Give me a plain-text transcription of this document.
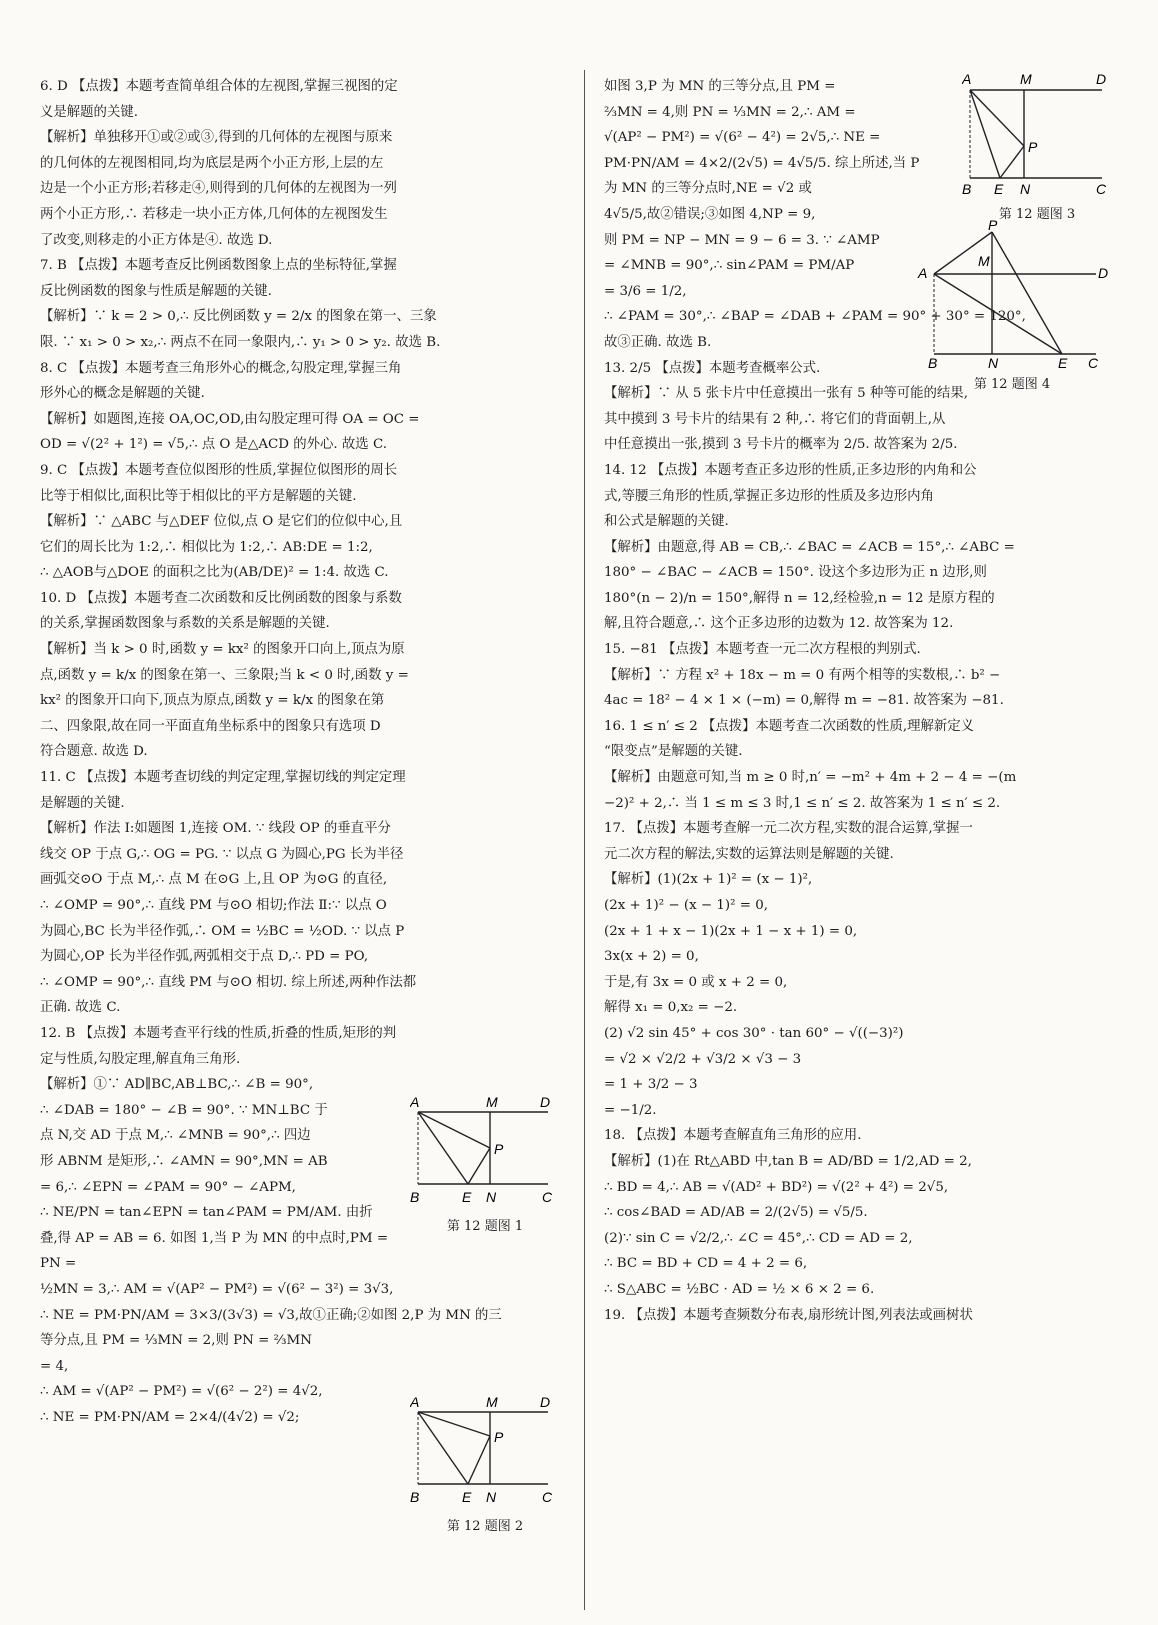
6. D 【点拨】本题考查简单组合体的左视图,掌握三视图的定
义是解题的关键.
【解析】单独移开①或②或③,得到的几何体的左视图与原来
的几何体的左视图相同,均为底层是两个小正方形,上层的左
边是一个小正方形;若移走④,则得到的几何体的左视图为一列
两个小正方形,∴ 若移走一块小正方体,几何体的左视图发生
了改变,则移走的小正方体是④. 故选 D.
7. B 【点拨】本题考查反比例函数图象上点的坐标特征,掌握
反比例函数的图象与性质是解题的关键.
【解析】∵ k = 2 > 0,∴ 反比例函数 y = 2/x 的图象在第一、三象
限. ∵ x₁ > 0 > x₂,∴ 两点不在同一象限内,∴ y₁ > 0 > y₂. 故选 B.
8. C 【点拨】本题考查三角形外心的概念,勾股定理,掌握三角
形外心的概念是解题的关键.
【解析】如题图,连接 OA,OC,OD,由勾股定理可得 OA = OC =
OD = √(2² + 1²) = √5,∴ 点 O 是△ACD 的外心. 故选 C.
9. C 【点拨】本题考查位似图形的性质,掌握位似图形的周长
比等于相似比,面积比等于相似比的平方是解题的关键.
【解析】∵ △ABC 与△DEF 位似,点 O 是它们的位似中心,且
它们的周长比为 1:2,∴ 相似比为 1:2,∴ AB:DE = 1:2,
∴ △AOB与△DOE 的面积之比为(AB/DE)² = 1:4. 故选 C.
10. D 【点拨】本题考查二次函数和反比例函数的图象与系数
的关系,掌握函数图象与系数的关系是解题的关键.
【解析】当 k > 0 时,函数 y = kx² 的图象开口向上,顶点为原
点,函数 y = k/x 的图象在第一、三象限;当 k < 0 时,函数 y =
kx² 的图象开口向下,顶点为原点,函数 y = k/x 的图象在第
二、四象限,故在同一平面直角坐标系中的图象只有选项 D
符合题意. 故选 D.
11. C 【点拨】本题考查切线的判定定理,掌握切线的判定定理
是解题的关键.
【解析】作法 Ⅰ:如题图 1,连接 OM. ∵ 线段 OP 的垂直平分
线交 OP 于点 G,∴ OG = PG. ∵ 以点 G 为圆心,PG 长为半径
画弧交⊙O 于点 M,∴ 点 M 在⊙G 上,且 OP 为⊙G 的直径,
∴ ∠OMP = 90°,∴ 直线 PM 与⊙O 相切;作法 Ⅱ:∵ 以点 O
为圆心,BC 长为半径作弧,∴ OM = ½BC = ½OD. ∵ 以点 P
为圆心,OP 长为半径作弧,两弧相交于点 D,∴ PD = PO,
∴ ∠OMP = 90°,∴ 直线 PM 与⊙O 相切. 综上所述,两种作法都
正确. 故选 C.
12. B 【点拨】本题考查平行线的性质,折叠的性质,矩形的判
定与性质,勾股定理,解直角三角形.
【解析】①∵ AD∥BC,AB⊥BC,∴ ∠B = 90°,
∴ ∠DAB = 180° − ∠B = 90°. ∵ MN⊥BC 于
点 N,交 AD 于点 M,∴ ∠MNB = 90°,∴ 四边
形 ABNM 是矩形,∴ ∠AMN = 90°,MN = AB
= 6,∴ ∠EPN = ∠PAM = 90° − ∠APM,
∴ NE/PN = tan∠EPN = tan∠PAM = PM/AM. 由折
叠,得 AP = AB = 6. 如图 1,当 P 为 MN 的中点时,PM = PN =
½MN = 3,∴ AM = √(AP² − PM²) = √(6² − 3²) = 3√3,
∴ NE = PM·PN/AM = 3×3/(3√3) = √3,故①正确;②如图 2,P 为 MN 的三
等分点,且 PM = ⅓MN = 2,则 PN = ⅔MN
= 4,
∴ AM = √(AP² − PM²) = √(6² − 2²) = 4√2,
∴ NE = PM·PN/AM = 2×4/(4√2) = √2;
如图 3,P 为 MN 的三等分点,且 PM =
⅔MN = 4,则 PN = ⅓MN = 2,∴ AM =
√(AP² − PM²) = √(6² − 4²) = 2√5,∴ NE =
PM·PN/AM = 4×2/(2√5) = 4√5/5. 综上所述,当 P
为 MN 的三等分点时,NE = √2 或
4√5/5,故②错误;③如图 4,NP = 9,
则 PM = NP − MN = 9 − 6 = 3. ∵ ∠AMP
= ∠MNB = 90°,∴ sin∠PAM = PM/AP
= 3/6 = 1/2,
∴ ∠PAM = 30°,∴ ∠BAP = ∠DAB + ∠PAM = 90° + 30° = 120°,
故③正确. 故选 B.
13. 2/5 【点拨】本题考查概率公式.
【解析】∵ 从 5 张卡片中任意摸出一张有 5 种等可能的结果,
其中摸到 3 号卡片的结果有 2 种,∴ 将它们的背面朝上,从
中任意摸出一张,摸到 3 号卡片的概率为 2/5. 故答案为 2/5.
14. 12 【点拨】本题考查正多边形的性质,正多边形的内角和公
式,等腰三角形的性质,掌握正多边形的性质及多边形内角
和公式是解题的关键.
【解析】由题意,得 AB = CB,∴ ∠BAC = ∠ACB = 15°,∴ ∠ABC =
180° − ∠BAC − ∠ACB = 150°. 设这个多边形为正 n 边形,则
180°(n − 2)/n = 150°,解得 n = 12,经检验,n = 12 是原方程的
解,且符合题意,∴ 这个正多边形的边数为 12. 故答案为 12.
15. −81 【点拨】本题考查一元二次方程根的判别式.
【解析】∵ 方程 x² + 18x − m = 0 有两个相等的实数根,∴ b² −
4ac = 18² − 4 × 1 × (−m) = 0,解得 m = −81. 故答案为 −81.
16. 1 ≤ n′ ≤ 2 【点拨】本题考查二次函数的性质,理解新定义
“限变点”是解题的关键.
【解析】由题意可知,当 m ≥ 0 时,n′ = −m² + 4m + 2 − 4 = −(m
−2)² + 2,∴ 当 1 ≤ m ≤ 3 时,1 ≤ n′ ≤ 2. 故答案为 1 ≤ n′ ≤ 2.
17. 【点拨】本题考查解一元二次方程,实数的混合运算,掌握一
元二次方程的解法,实数的运算法则是解题的关键.
【解析】(1)(2x + 1)² = (x − 1)²,
(2x + 1)² − (x − 1)² = 0,
(2x + 1 + x − 1)(2x + 1 − x + 1) = 0,
3x(x + 2) = 0,
于是,有 3x = 0 或 x + 2 = 0,
解得 x₁ = 0,x₂ = −2.
(2) √2 sin 45° + cos 30° · tan 60° − √((−3)²)
= √2 × √2/2 + √3/2 × √3 − 3
= 1 + 3/2 − 3
= −1/2.
18. 【点拨】本题考查解直角三角形的应用.
【解析】(1)在 Rt△ABD 中,tan B = AD/BD = 1/2,AD = 2,
∴ BD = 4,∴ AB = √(AD² + BD²) = √(2² + 4²) = 2√5,
∴ cos∠BAD = AD/AB = 2/(2√5) = √5/5.
(2)∵ sin C = √2/2,∴ ∠C = 45°,∴ CD = AD = 2,
∴ BC = BD + CD = 4 + 2 = 6,
∴ S△ABC = ½BC · AD = ½ × 6 × 2 = 6.
19. 【点拨】本题考查频数分布表,扇形统计图,列表法或画树状
A	M	D
P
B	E N	C
第 12 题图 1
A	M	D
P
B	E N	C
第 12 题图 2
A	M	D
P
B E N	C
第 12 题图 3
P
M
A	D
B	N	E C
第 12 题图 4
